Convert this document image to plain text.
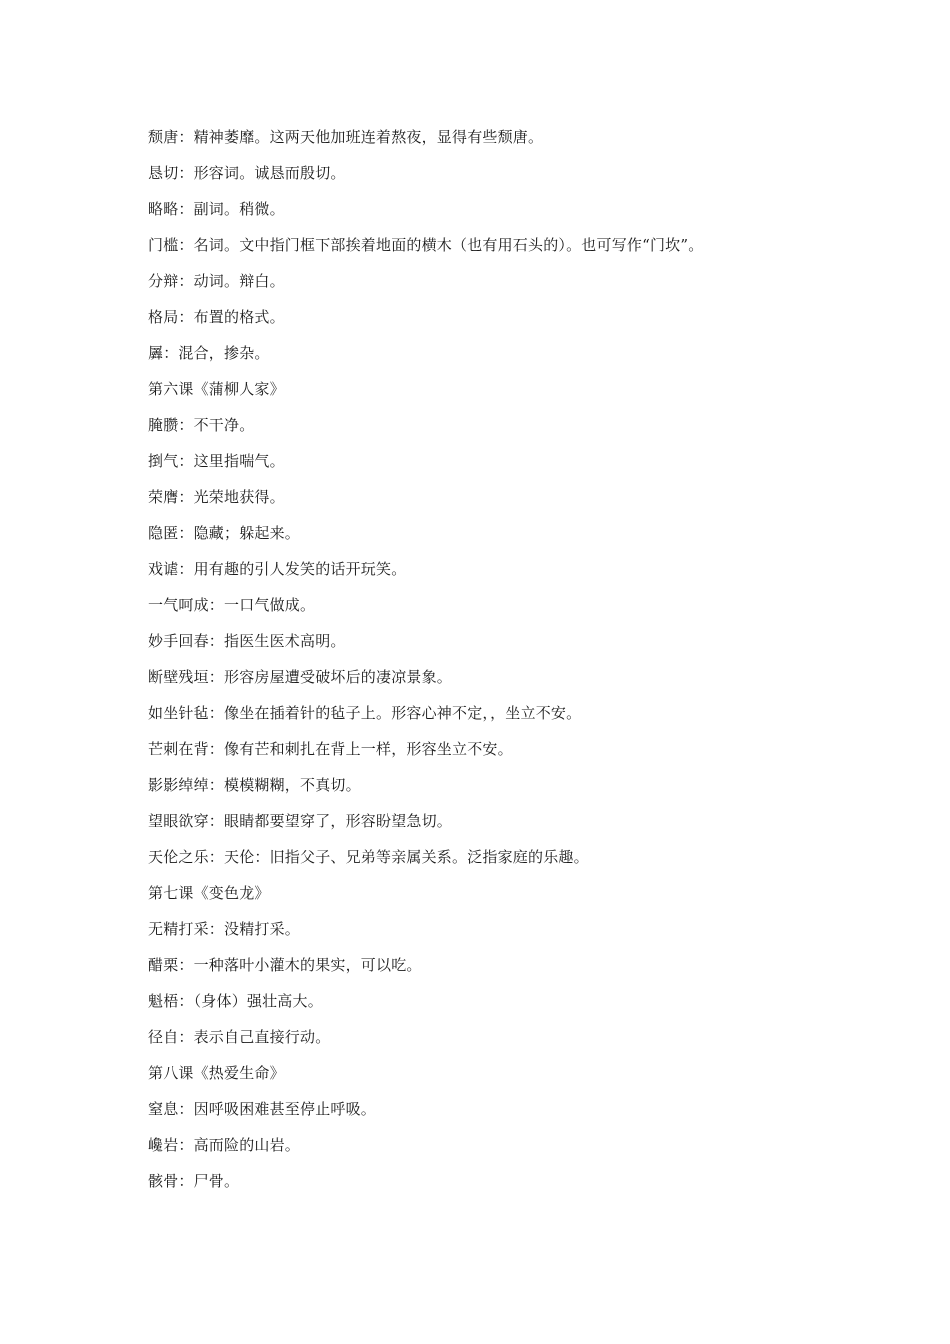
颓唐：精神萎靡。这两天他加班连着熬夜，显得有些颓唐。
恳切：形容词。诚恳而殷切。
略略：副词。稍微。
门槛：名词。文中指门框下部挨着地面的横木（也有用石头的）。也可写作“门坎”。
分辩：动词。辩白。
格局：布置的格式。
羼：混合，掺杂。
第六课《蒲柳人家》
腌臜：不干净。
捯气：这里指喘气。
荣膺：光荣地获得。
隐匿：隐藏；躲起来。
戏谑：用有趣的引人发笑的话开玩笑。
一气呵成：一口气做成。
妙手回春：指医生医术高明。
断壁残垣：形容房屋遭受破坏后的凄凉景象。
如坐针毡：像坐在插着针的毡子上。形容心神不定，，坐立不安。
芒刺在背：像有芒和刺扎在背上一样，形容坐立不安。
影影绰绰：模模糊糊，不真切。
望眼欲穿：眼睛都要望穿了，形容盼望急切。
天伦之乐：天伦：旧指父子、兄弟等亲属关系。泛指家庭的乐趣。
第七课《变色龙》
无精打采：没精打采。
醋栗：一种落叶小灌木的果实，可以吃。
魁梧：（身体）强壮高大。
径自：表示自己直接行动。
第八课《热爱生命》
窒息：因呼吸困难甚至停止呼吸。
巉岩：高而险的山岩。
骸骨：尸骨。
